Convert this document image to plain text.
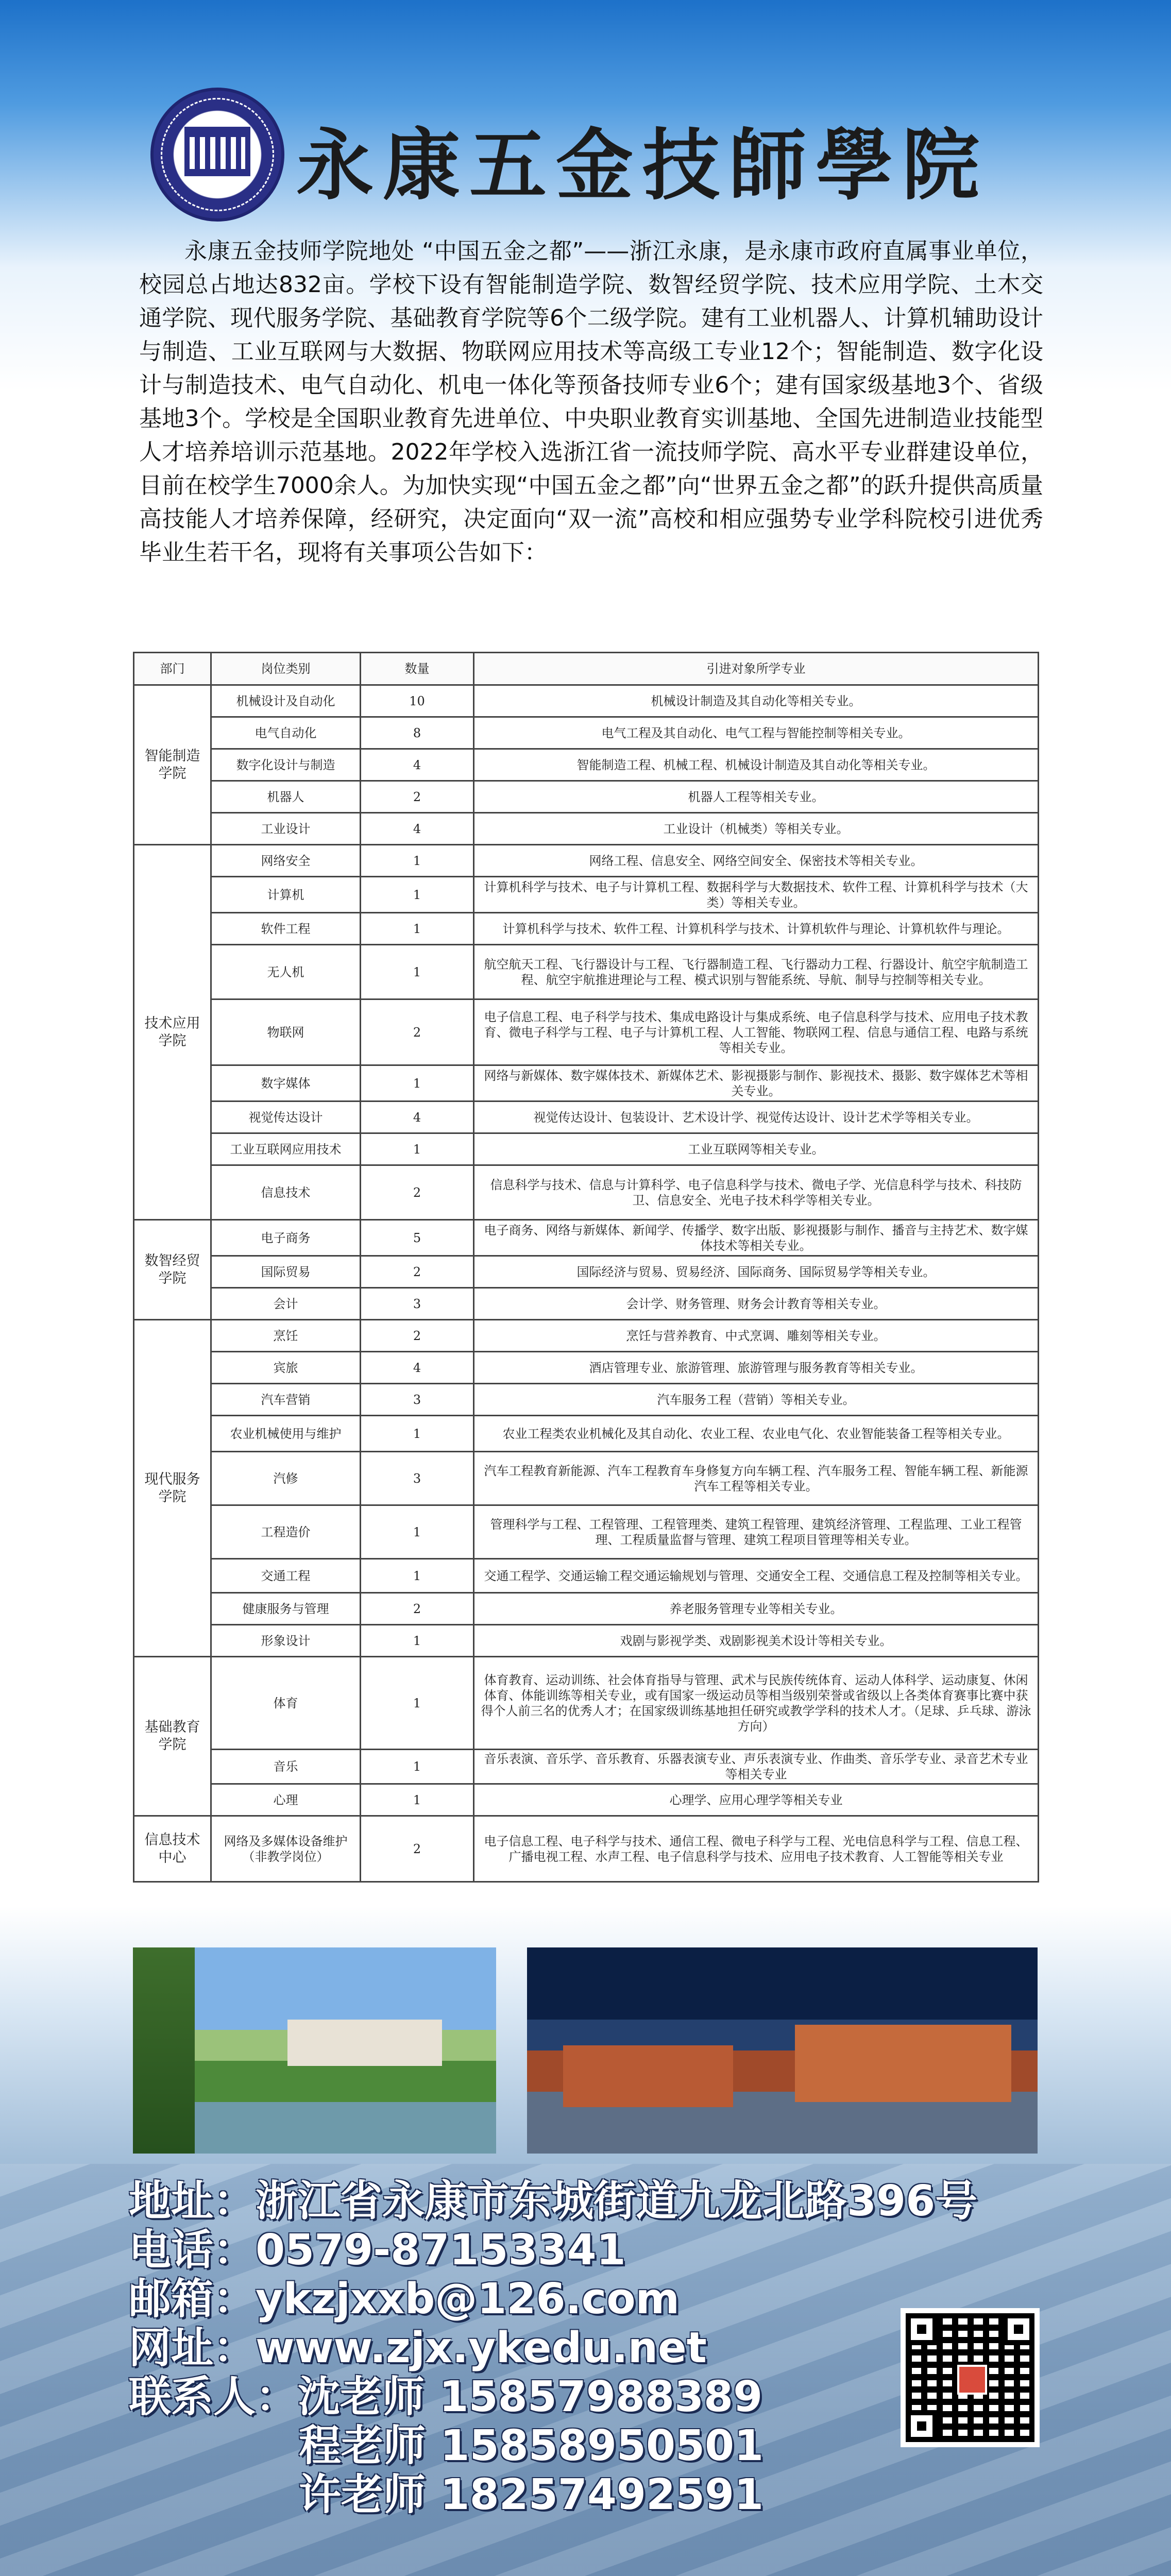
永康五金技師學院

永康五金技师学院地处 “中国五金之都”——浙江永康，是永康市政府直属事业单位，校园总占地达832亩。学校下设有智能制造学院、数智经贸学院、技术应用学院、土木交通学院、现代服务学院、基础教育学院等6个二级学院。建有工业机器人、计算机辅助设计与制造、工业互联网与大数据、物联网应用技术等高级工专业12个；智能制造、数字化设计与制造技术、电气自动化、机电一体化等预备技师专业6个；建有国家级基地3个、省级基地3个。学校是全国职业教育先进单位、中央职业教育实训基地、全国先进制造业技能型人才培养培训示范基地。2022年学校入选浙江省一流技师学院、高水平专业群建设单位，目前在校学生7000余人。为加快实现“中国五金之都”向“世界五金之都”的跃升提供高质量高技能人才培养保障，经研究，决定面向“双一流”高校和相应强势专业学科院校引进优秀毕业生若干名，现将有关事项公告如下：

部门	岗位类别	数量	引进对象所学专业
智能制造学院	机械设计及自动化	10	机械设计制造及其自动化等相关专业。
	电气自动化	8	电气工程及其自动化、电气工程与智能控制等相关专业。
	数字化设计与制造	4	智能制造工程、机械工程、机械设计制造及其自动化等相关专业。
	机器人	2	机器人工程等相关专业。
	工业设计	4	工业设计（机械类）等相关专业。
技术应用学院	网络安全	1	网络工程、信息安全、网络空间安全、保密技术等相关专业。
	计算机	1	计算机科学与技术、电子与计算机工程、数据科学与大数据技术、软件工程、计算机科学与技术（大类）等相关专业。
	软件工程	1	计算机科学与技术、软件工程、计算机科学与技术、计算机软件与理论、计算机软件与理论。
	无人机	1	航空航天工程、飞行器设计与工程、飞行器制造工程、飞行器动力工程、行器设计、航空宇航制造工程、航空宇航推进理论与工程、模式识别与智能系统、导航、制导与控制等相关专业。
	物联网	2	电子信息工程、电子科学与技术、集成电路设计与集成系统、电子信息科学与技术、应用电子技术教育、微电子科学与工程、电子与计算机工程、人工智能、物联网工程、信息与通信工程、电路与系统等相关专业。
	数字媒体	1	网络与新媒体、数字媒体技术、新媒体艺术、影视摄影与制作、影视技术、摄影、数字媒体艺术等相关专业。
	视觉传达设计	4	视觉传达设计、包装设计、艺术设计学、视觉传达设计、设计艺术学等相关专业。
	工业互联网应用技术	1	工业互联网等相关专业。
	信息技术	2	信息科学与技术、信息与计算科学、电子信息科学与技术、微电子学、光信息科学与技术、科技防卫、信息安全、光电子技术科学等相关专业。
数智经贸学院	电子商务	5	电子商务、网络与新媒体、新闻学、传播学、数字出版、影视摄影与制作、播音与主持艺术、数字媒体技术等相关专业。
	国际贸易	2	国际经济与贸易、贸易经济、国际商务、国际贸易学等相关专业。
	会计	3	会计学、财务管理、财务会计教育等相关专业。
现代服务学院	烹饪	2	烹饪与营养教育、中式烹调、雕刻等相关专业。
	宾旅	4	酒店管理专业、旅游管理、旅游管理与服务教育等相关专业。
	汽车营销	3	汽车服务工程（营销）等相关专业。
	农业机械使用与维护	1	农业工程类农业机械化及其自动化、农业工程、农业电气化、农业智能装备工程等相关专业。
	汽修	3	汽车工程教育新能源、汽车工程教育车身修复方向车辆工程、汽车服务工程、智能车辆工程、新能源汽车工程等相关专业。
	工程造价	1	管理科学与工程、工程管理、工程管理类、建筑工程管理、建筑经济管理、工程监理、工业工程管理、工程质量监督与管理、建筑工程项目管理等相关专业。
	交通工程	1	交通工程学、交通运输工程交通运输规划与管理、交通安全工程、交通信息工程及控制等相关专业。
	健康服务与管理	2	养老服务管理专业等相关专业。
	形象设计	1	戏剧与影视学类、戏剧影视美术设计等相关专业。
基础教育学院	体育	1	体育教育、运动训练、社会体育指导与管理、武术与民族传统体育、运动人体科学、运动康复、休闲体育、体能训练等相关专业，或有国家一级运动员等相当级别荣誉或省级以上各类体育赛事比赛中获得个人前三名的优秀人才；在国家级训练基地担任研究或教学学科的技术人才。（足球、乒乓球、游泳方向）
	音乐	1	音乐表演、音乐学、音乐教育、乐器表演专业、声乐表演专业、作曲类、音乐学专业、录音艺术专业等相关专业
	心理	1	心理学、应用心理学等相关专业
信息技术中心	网络及多媒体设备维护（非教学岗位）	2	电子信息工程、电子科学与技术、通信工程、微电子科学与工程、光电信息科学与工程、信息工程、广播电视工程、水声工程、电子信息科学与技术、应用电子技术教育、人工智能等相关专业
地址：浙江省永康市东城街道九龙北路396号
电话：0579-87153341
邮箱：ykzjxxb@126.com
网址：www.zjx.ykedu.net
联系人：沈老师 15857988389
程老师 15858950501
许老师 18257492591
